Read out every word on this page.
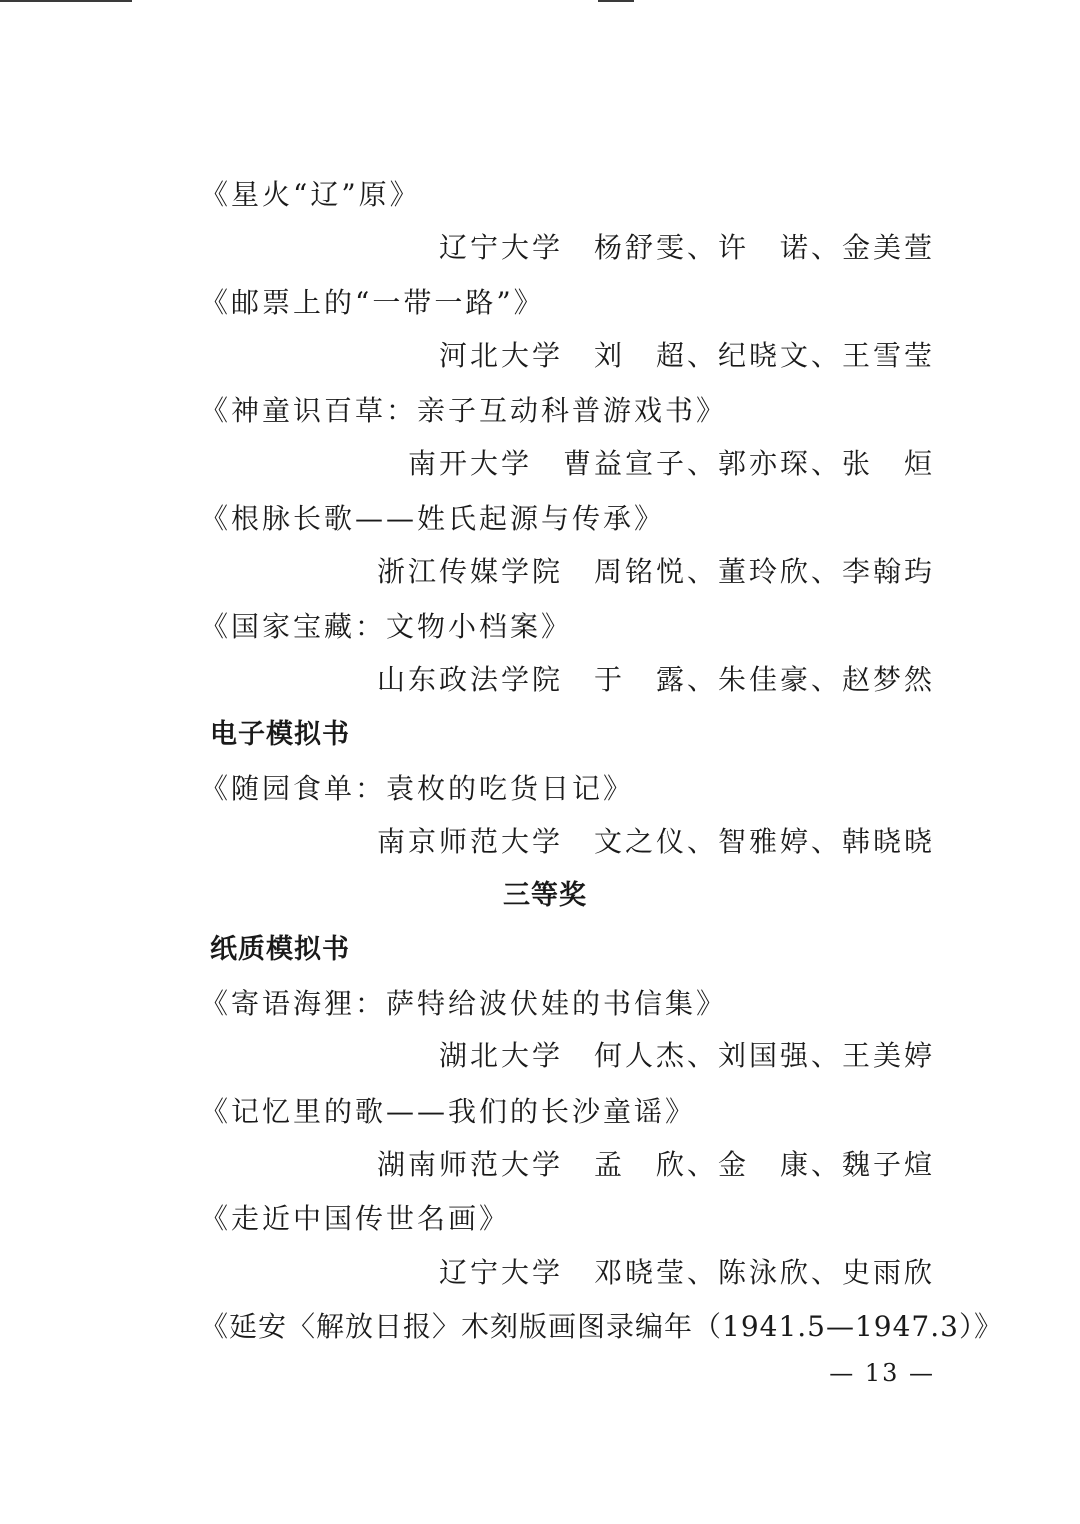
《星火“辽”原》
辽宁大学　杨舒雯、许　诺、金美萱
《邮票上的“一带一路”》
河北大学　刘　超、纪晓文、王雪莹
《神童识百草：亲子互动科普游戏书》
南开大学　曹益宣子、郭亦琛、张　烜
《根脉长歌——姓氏起源与传承》
浙江传媒学院　周铭悦、董玲欣、李翰玙
《国家宝藏：文物小档案》
山东政法学院　于　露、朱佳豪、赵梦然
电子模拟书
《随园食单：袁枚的吃货日记》
南京师范大学　文之仪、智雅婷、韩晓晓
三等奖
纸质模拟书
《寄语海狸：萨特给波伏娃的书信集》
湖北大学　何人杰、刘国强、王美婷
《记忆里的歌——我们的长沙童谣》
湖南师范大学　孟　欣、金　康、魏子煊
《走近中国传世名画》
辽宁大学　邓晓莹、陈泳欣、史雨欣
《延安〈解放日报〉木刻版画图录编年（1941.5—1947.3）》
— 13 —
